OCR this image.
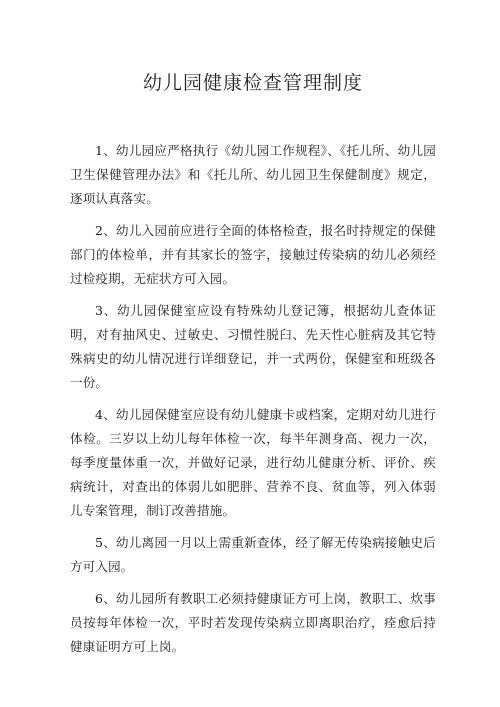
幼儿园健康检查管理制度

1、幼儿园应严格执行《幼儿园工作规程》、《托儿所、幼儿园卫生保健管理办法》和《托儿所、幼儿园卫生保健制度》规定，逐项认真落实。

2、幼儿入园前应进行全面的体格检查，报名时持规定的保健部门的体检单，并有其家长的签字，接触过传染病的幼儿必须经过检疫期，无症状方可入园。

3、幼儿园保健室应设有特殊幼儿登记簿，根据幼儿查体证明，对有抽风史、过敏史、习惯性脱臼、先天性心脏病及其它特殊病史的幼儿情况进行详细登记，并一式两份，保健室和班级各一份。

4、幼儿园保健室应设有幼儿健康卡或档案，定期对幼儿进行体检。三岁以上幼儿每年体检一次，每半年测身高、视力一次，每季度量体重一次，并做好记录，进行幼儿健康分析、评价、疾病统计，对查出的体弱儿如肥胖、营养不良、贫血等，列入体弱儿专案管理，制订改善措施。

5、幼儿离园一月以上需重新查体，经了解无传染病接触史后方可入园。

6、幼儿园所有教职工必须持健康证方可上岗，教职工、炊事员按每年体检一次，平时若发现传染病立即离职治疗，痊愈后持健康证明方可上岗。
